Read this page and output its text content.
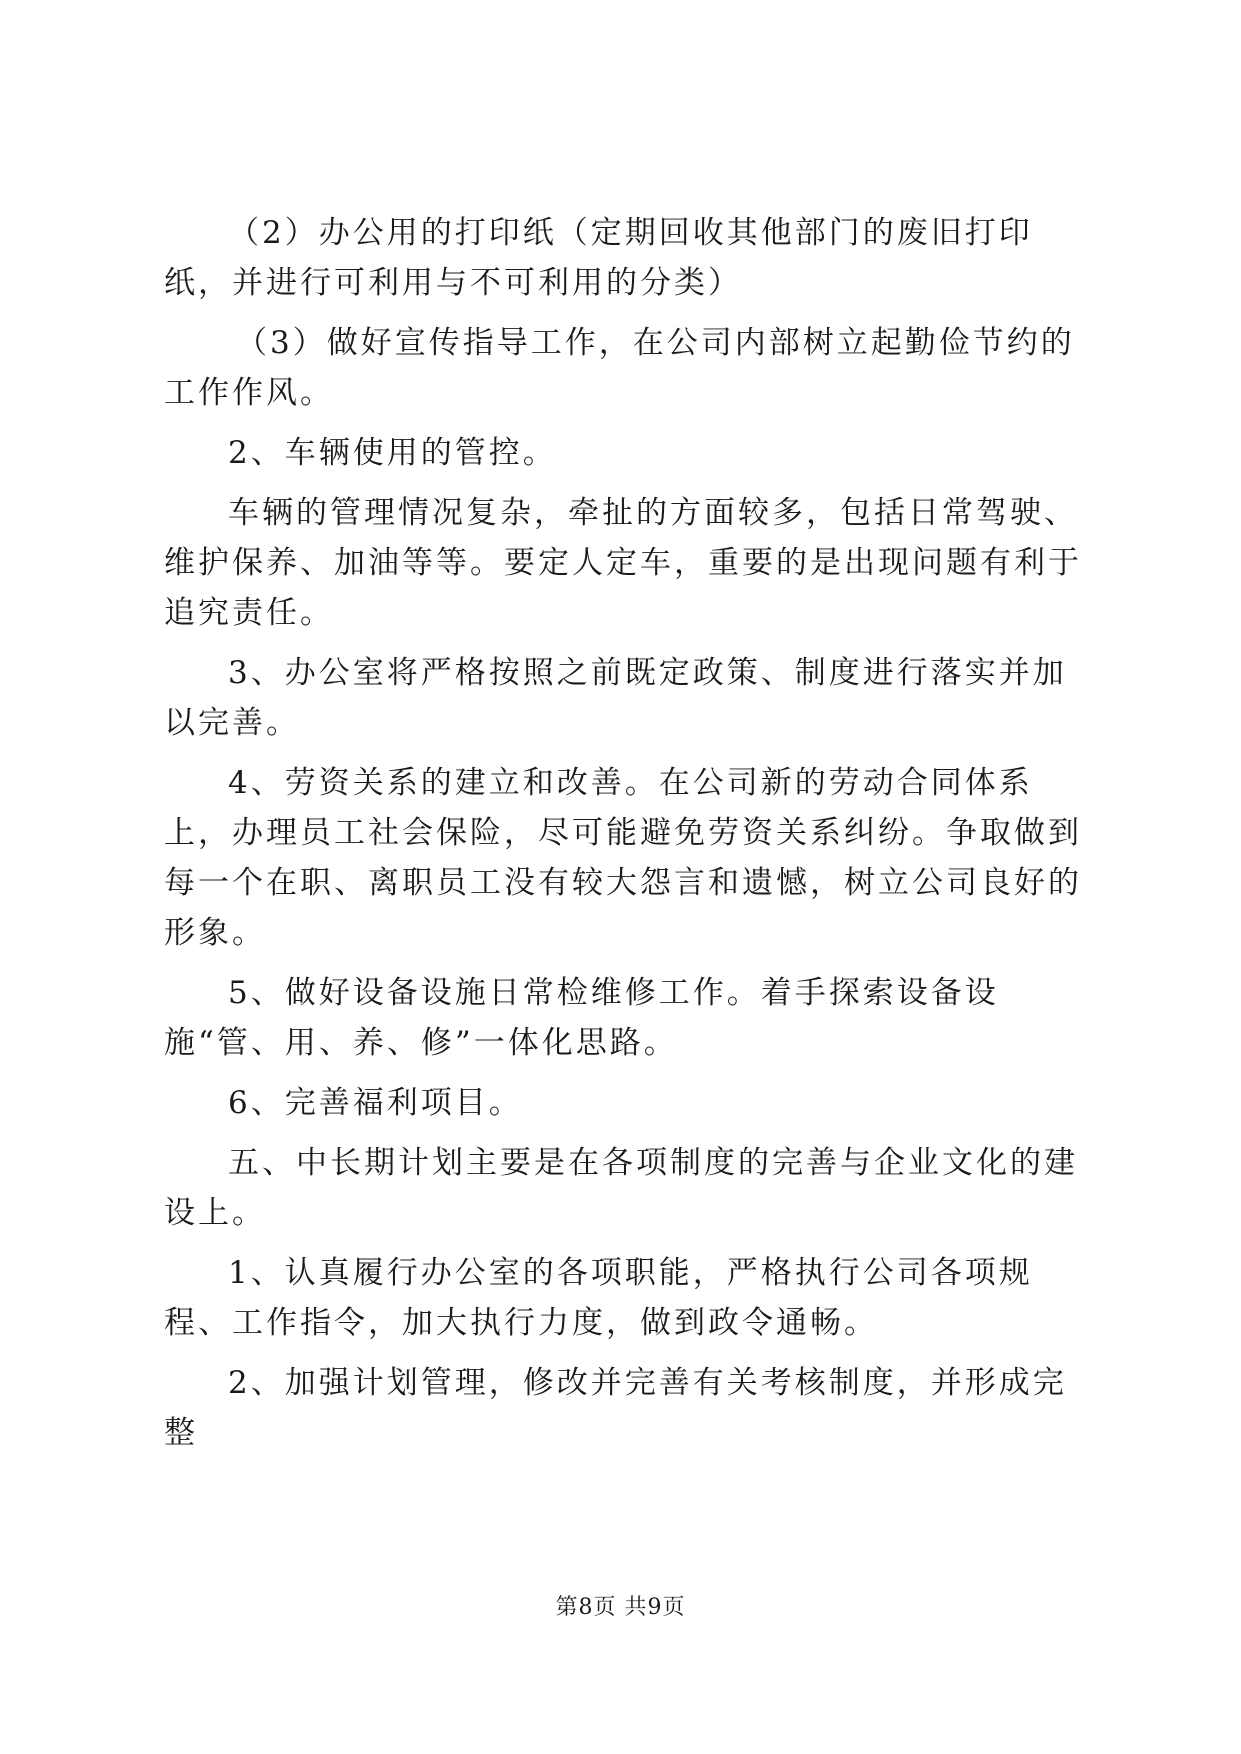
（2）办公用的打印纸（定期回收其他部门的废旧打印纸，并进行可利用与不可利用的分类）

（3）做好宣传指导工作，在公司内部树立起勤俭节约的工作作风。

2、车辆使用的管控。

车辆的管理情况复杂，牵扯的方面较多，包括日常驾驶、维护保养、加油等等。要定人定车，重要的是出现问题有利于追究责任。

3、办公室将严格按照之前既定政策、制度进行落实并加以完善。

4、劳资关系的建立和改善。在公司新的劳动合同体系上，办理员工社会保险，尽可能避免劳资关系纠纷。争取做到每一个在职、离职员工没有较大怨言和遗憾，树立公司良好的形象。

5、做好设备设施日常检维修工作。着手探索设备设施“管、用、养、修”一体化思路。

6、完善福利项目。

五、中长期计划主要是在各项制度的完善与企业文化的建设上。

1、认真履行办公室的各项职能，严格执行公司各项规程、工作指令，加大执行力度，做到政令通畅。

2、加强计划管理，修改并完善有关考核制度，并形成完整

第8页 共9页
